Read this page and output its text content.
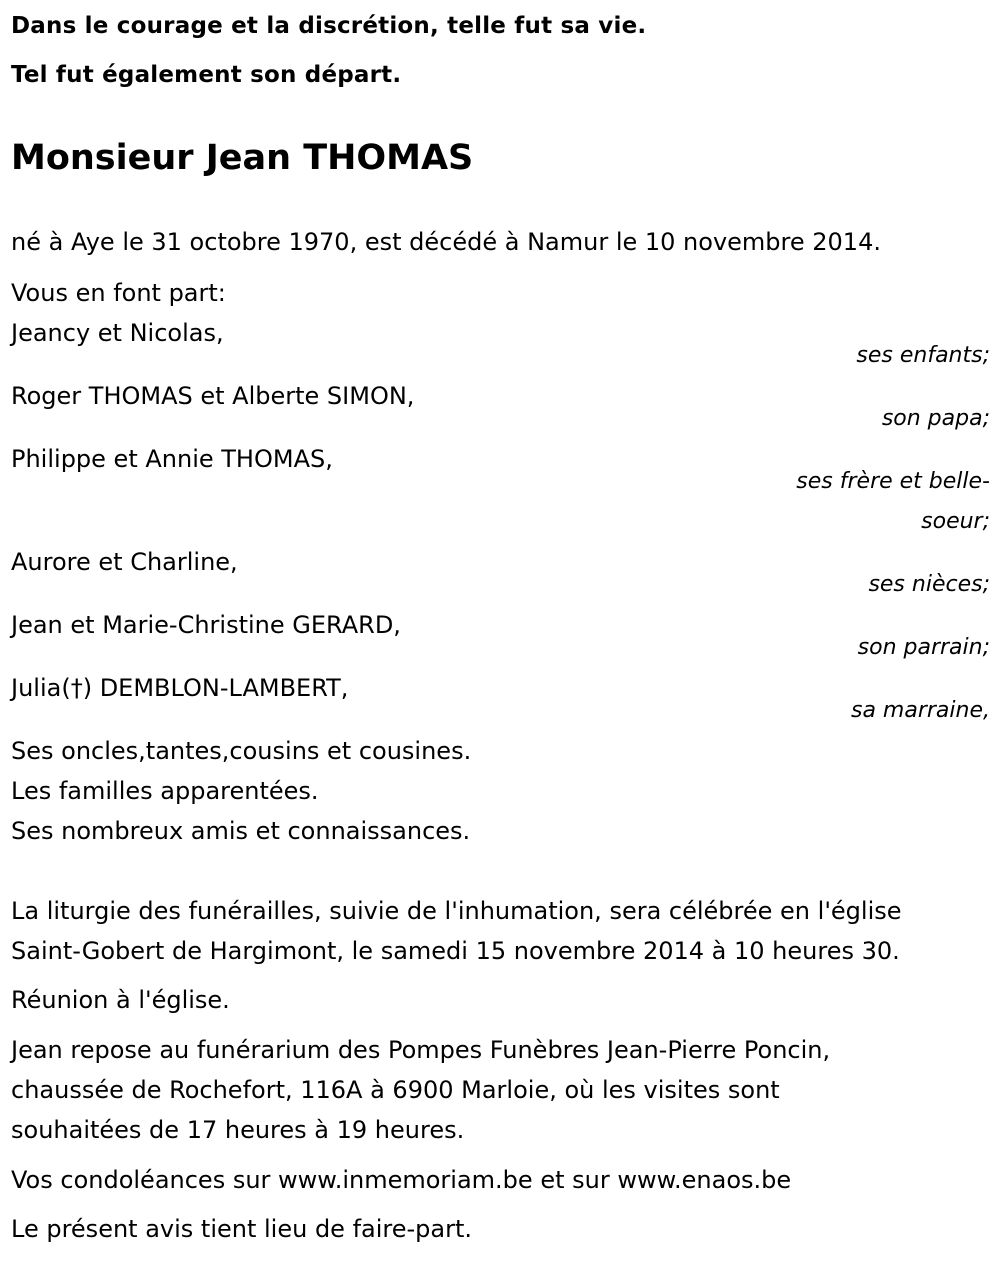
Dans le courage et la discrétion, telle fut sa vie.
Tel fut également son départ.
Monsieur Jean THOMAS
né à Aye le 31 octobre 1970, est décédé à Namur le 10 novembre 2014.
Vous en font part:
Jeancy et Nicolas,
ses enfants;
Roger THOMAS et Alberte SIMON,
son papa;
Philippe et Annie THOMAS,
ses frère et belle-soeur;
Aurore et Charline,
ses nièces;
Jean et Marie-Christine GERARD,
son parrain;
Julia(†) DEMBLON-LAMBERT,
sa marraine,
Ses oncles,tantes,cousins et cousines.
Les familles apparentées.
Ses nombreux amis et connaissances.
La liturgie des funérailles, suivie de l'inhumation, sera célébrée en l'église
Saint-Gobert de Hargimont, le samedi 15 novembre 2014 à 10 heures 30.
Réunion à l'église.
Jean repose au funérarium des Pompes Funèbres Jean-Pierre Poncin,
chaussée de Rochefort, 116A à 6900 Marloie, où les visites sont
souhaitées de 17 heures à 19 heures.
Vos condoléances sur www.inmemoriam.be et sur www.enaos.be
Le présent avis tient lieu de faire-part.
